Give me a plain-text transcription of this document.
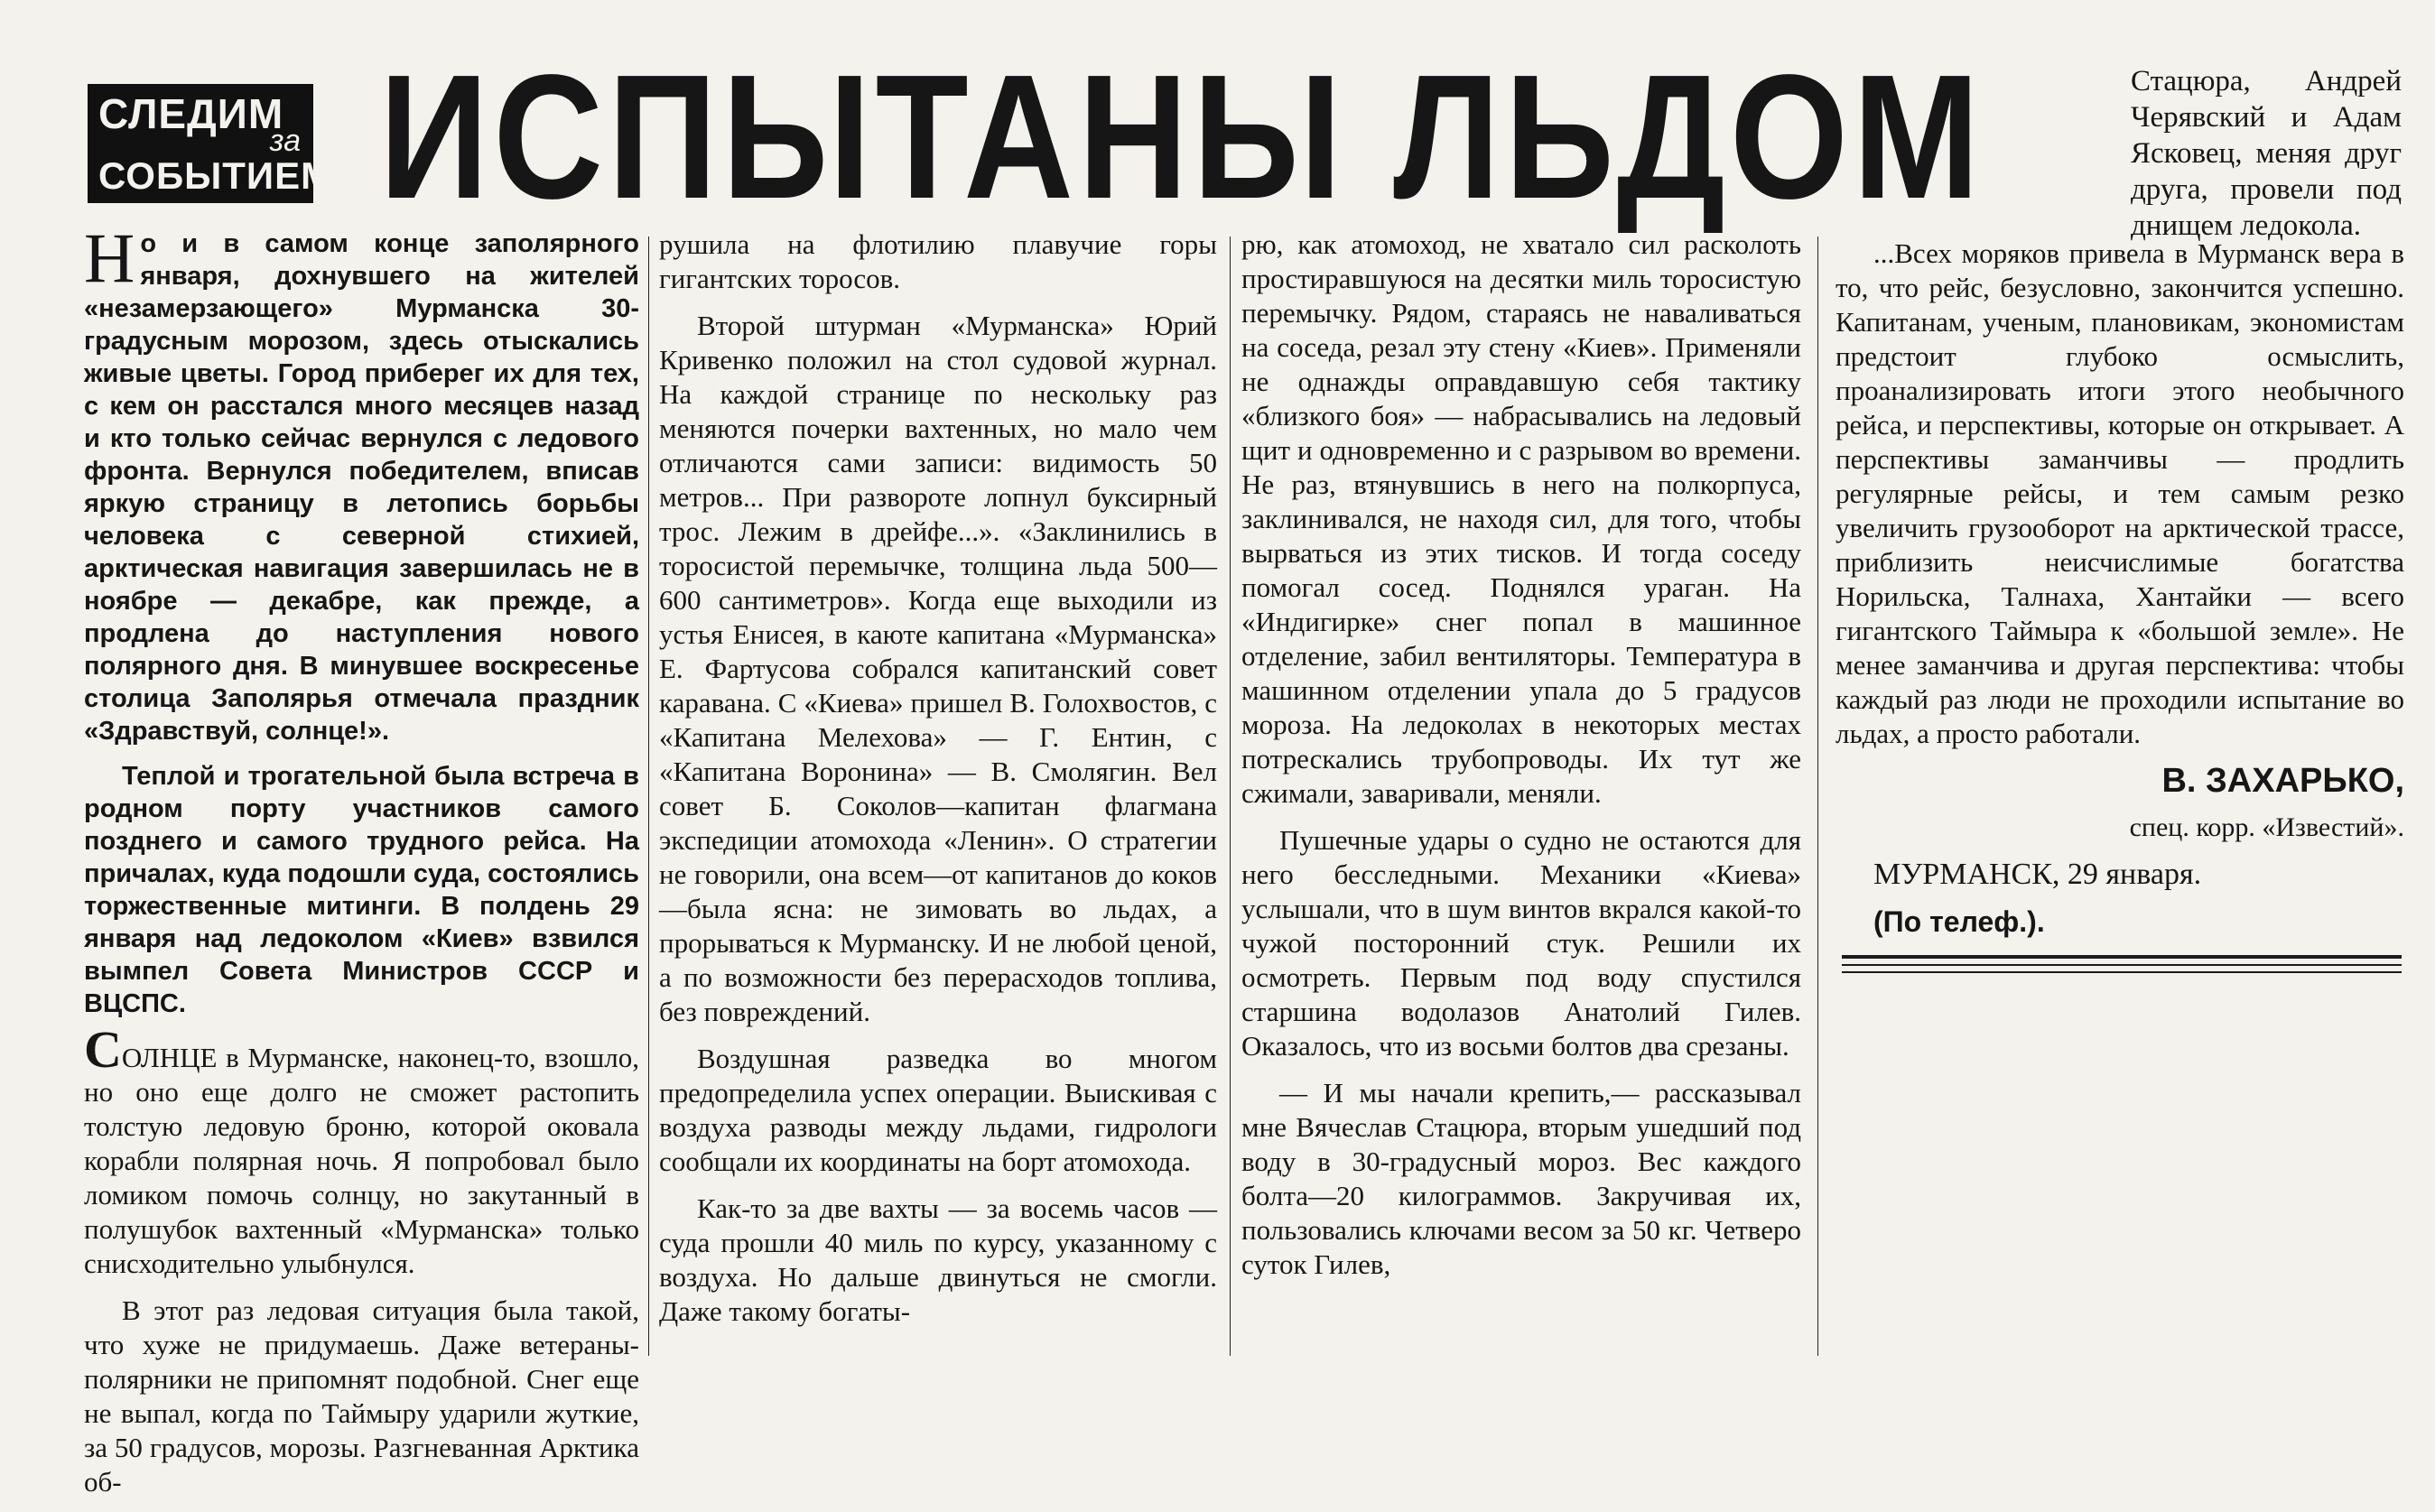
СЛЕДИМ
за
СОБЫТИЕМ ИСПЫТАНЫ ЛЬДОМ	Стацюра, Андрей Черявский и Адам Ясковец, меняя друг друга, провели под днищем ледокола.

Но и в самом конце заполярного января, дохнувшего на жителей «незамерзающего» Мурманска 30-градусным морозом, здесь отыскались живые цветы. Город приберег их для тех, с кем он расстался много месяцев назад и кто только сейчас вернулся с ледового фронта. Вернулся победителем, вписав яркую страницу в летопись борьбы человека с северной стихией, арктическая навигация завершилась не в ноябре — декабре, как прежде, а продлена до наступления нового полярного дня. В минувшее воскресенье столица Заполярья отмечала праздник «Здравствуй, солнце!».

Теплой и трогательной была встреча в родном порту участников самого позднего и самого трудного рейса. На причалах, куда подошли суда, состоялись торжественные митинги. В полдень 29 января над ледоколом «Киев» взвился вымпел Совета Министров СССР и ВЦСПС.

СОЛНЦЕ в Мурманске, наконец-то, взошло, но оно еще долго не сможет растопить толстую ледовую броню, которой оковала корабли полярная ночь. Я попробовал было ломиком помочь солнцу, но закутанный в полушубок вахтенный «Мурманска» только снисходительно улыбнулся.

В этот раз ледовая ситуация была такой, что хуже не придумаешь. Даже ветераны-полярники не припомнят подобной. Снег еще не выпал, когда по Таймыру ударили жуткие, за 50 градусов, морозы. Разгневанная Арктика об-

рушила на флотилию плавучие горы гигантских торосов.

Второй штурман «Мурманска» Юрий Кривенко положил на стол судовой журнал. На каждой странице по нескольку раз меняются почерки вахтенных, но мало чем отличаются сами записи: видимость 50 метров... При развороте лопнул буксирный трос. Лежим в дрейфе...». «Заклинились в торосистой перемычке, толщина льда 500—600 сантиметров». Когда еще выходили из устья Енисея, в каюте капитана «Мурманска» Е. Фартусова собрался капитанский совет каравана. С «Киева» пришел В. Голохвостов, с «Капитана Мелехова» — Г. Ентин, с «Капитана Воронина» — В. Смолягин. Вел совет Б. Соколов—капитан флагмана экспедиции атомохода «Ленин». О стратегии не говорили, она всем—от капитанов до коков—была ясна: не зимовать во льдах, а прорываться к Мурманску. И не любой ценой, а по возможности без перерасходов топлива, без повреждений.

Воздушная разведка во многом предопределила успех операции. Выискивая с воздуха разводы между льдами, гидрологи сообщали их координаты на борт атомохода.

Как-то за две вахты — за восемь часов — суда прошли 40 миль по курсу, указанному с воздуха. Но дальше двинуться не смогли. Даже такому богаты-

рю, как атомоход, не хватало сил расколоть простиравшуюся на десятки миль торосистую перемычку. Рядом, стараясь не наваливаться на соседа, резал эту стену «Киев». Применяли не однажды оправдавшую себя тактику «близкого боя» — набрасывались на ледовый щит и одновременно и с разрывом во времени. Не раз, втянувшись в него на полкорпуса, заклинивался, не находя сил, для того, чтобы вырваться из этих тисков. И тогда соседу помогал сосед. Поднялся ураган. На «Индигирке» снег попал в машинное отделение, забил вентиляторы. Температура в машинном отделении упала до 5 градусов мороза. На ледоколах в некоторых местах потрескались трубопроводы. Их тут же сжимали, заваривали, меняли.

Пушечные удары о судно не остаются для него бесследными. Механики «Киева» услышали, что в шум винтов вкрался какой-то чужой посторонний стук. Решили их осмотреть. Первым под воду спустился старшина водолазов Анатолий Гилев. Оказалось, что из восьми болтов два срезаны.

— И мы начали крепить,— рассказывал мне Вячеслав Стацюра, вторым ушедший под воду в 30-градусный мороз. Вес каждого болта—20 килограммов. Закручивая их, пользовались ключами весом за 50 кг. Четверо суток Гилев,

...Всех моряков привела в Мурманск вера в то, что рейс, безусловно, закончится успешно. Капитанам, ученым, плановикам, экономистам предстоит глубоко осмыслить, проанализировать итоги этого необычного рейса, и перспективы, которые он открывает. А перспективы заманчивы — продлить регулярные рейсы, и тем самым резко увеличить грузооборот на арктической трассе, приблизить неисчислимые богатства Норильска, Талнаха, Хантайки — всего гигантского Таймыра к «большой земле». Не менее заманчива и другая перспектива: чтобы каждый раз люди не проходили испытание во льдах, а просто работали.

В. ЗАХАРЬКО,

спец. корр. «Известий».

МУРМАНСК, 29 января.

(По телеф.).
